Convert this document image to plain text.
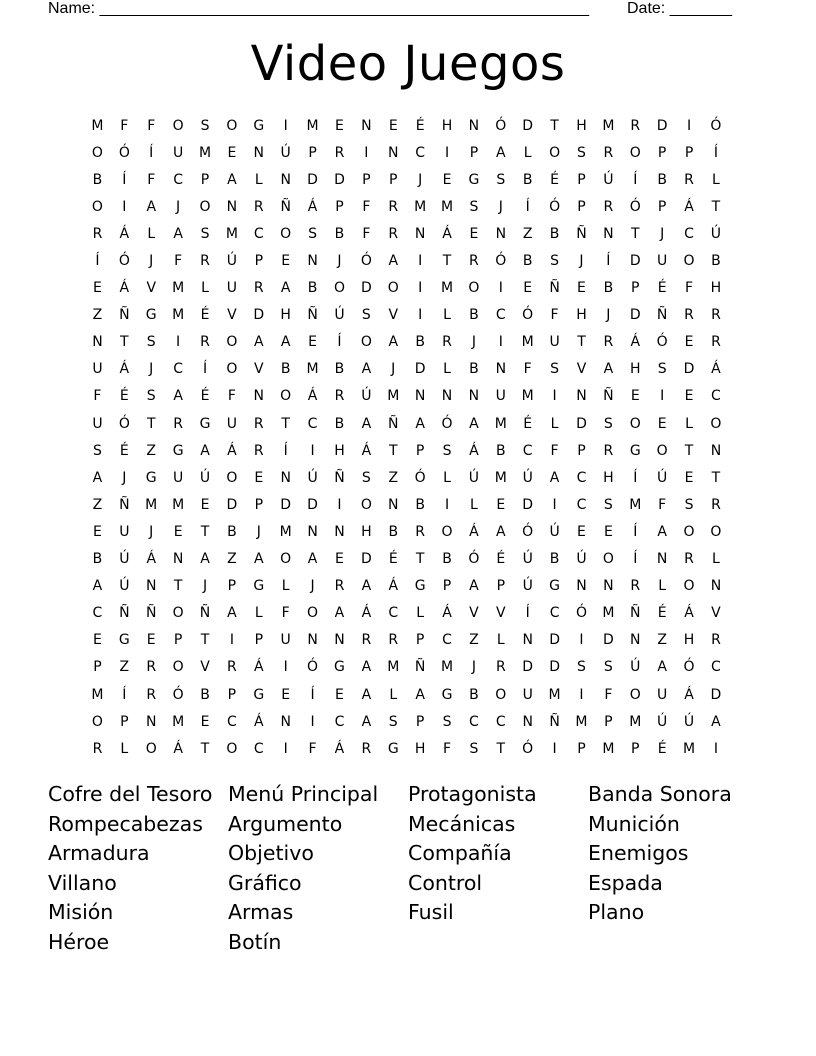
Name: _______________________________________________________ Date: _______
Video Juegos
M	F	F	O	S	O	G	I	M	E	N	E	É	H	N	Ó	D	T	H	M	R	D	I	Ó
O	Ó	Í	U	M	E	N	Ú	P	R	I	N	C	I	P	A	L	O	S	R	O	P	P	Í
B	Í	F	C	P	A	L	N	D	D	P	P	J	E	G	S	B	É	P	Ú	Í	B	R	L
O	I	A	J	O	N	R	Ñ	Á	P	F	R	M	M	S	J	Í	Ó	P	R	Ó	P	Á	T
R	Á	L	A	S	M	C	O	S	B	F	R	N	Á	E	N	Z	B	Ñ	N	T	J	C	Ú
Í	Ó	J	F	R	Ú	P	E	N	J	Ó	A	I	T	R	Ó	B	S	J	Í	D	U	O	B
E	Á	V	M	L	U	R	A	B	O	D	O	I	M	O	I	E	Ñ	E	B	P	É	F	H
Z	Ñ	G	M	É	V	D	H	Ñ	Ú	S	V	I	L	B	C	Ó	F	H	J	D	Ñ	R	R
N	T	S	I	R	O	A	A	E	Í	O	A	B	R	J	I	M	U	T	R	Á	Ó	E	R
U	Á	J	C	Í	O	V	B	M	B	A	J	D	L	B	N	F	S	V	A	H	S	D	Á
F	É	S	A	É	F	N	O	Á	R	Ú	M	N	N	N	U	M	I	N	Ñ	E	I	E	C
U	Ó	T	R	G	U	R	T	C	B	A	Ñ	A	Ó	A	M	É	L	D	S	O	E	L	O
S	É	Z	G	A	Á	R	Í	I	H	Á	T	P	S	Á	B	C	F	P	R	G	O	T	N
A	J	G	U	Ú	O	E	N	Ú	Ñ	S	Z	Ó	L	Ú	M	Ú	A	C	H	Í	Ú	E	T
Z	Ñ	M	M	E	D	P	D	D	I	O	N	B	I	L	E	D	I	C	S	M	F	S	R
E	U	J	E	T	B	J	M	N	N	H	B	R	O	Á	A	Ó	Ú	E	E	Í	A	O	O
B	Ú	Á	N	A	Z	A	O	A	E	D	É	T	B	Ó	É	Ú	B	Ú	O	Í	N	R	L
A	Ú	N	T	J	P	G	L	J	R	A	Á	G	P	A	P	Ú	G	N	N	R	L	O	N
C	Ñ	Ñ	O	Ñ	A	L	F	O	A	Á	C	L	Á	V	V	Í	C	Ó	M	Ñ	É	Á	V
E	G	E	P	T	I	P	U	N	N	R	R	P	C	Z	L	N	D	I	D	N	Z	H	R
P	Z	R	O	V	R	Á	I	Ó	G	A	M	Ñ	M	J	R	D	D	S	S	Ú	A	Ó	C
M	Í	R	Ó	B	P	G	E	Í	E	A	L	A	G	B	O	U	M	I	F	O	U	Á	D
O	P	N	M	E	C	Á	N	I	C	A	S	P	S	C	C	N	Ñ	M	P	M	Ú	Ú	A
R	L	O	Á	T	O	C	I	F	Á	R	G	H	F	S	T	Ó	I	P	M	P	É	M	I
Cofre del Tesoro
Rompecabezas
Armadura
Villano
Misión
Héroe
Menú Principal
Argumento
Objetivo
Gráfico
Armas
Botín
Protagonista
Mecánicas
Compañía
Control
Fusil
Banda Sonora
Munición
Enemigos
Espada
Plano
